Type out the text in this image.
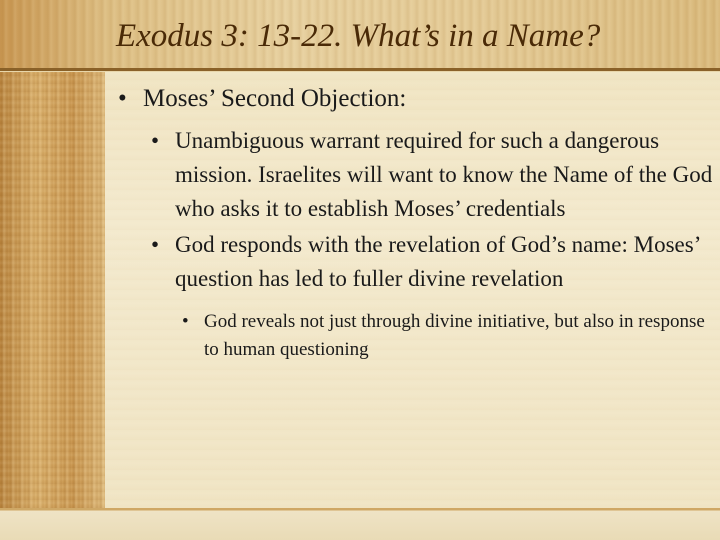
Exodus 3: 13-22. What’s in a Name?
• Moses’ Second Objection:
• Unambiguous warrant required for such a dangerous mission. Israelites will want to know the Name of the God who asks it to establish Moses’ credentials
• God responds with the revelation of God’s name: Moses’ question has led to fuller divine revelation
• God reveals not just through divine initiative, but also in response to human questioning
